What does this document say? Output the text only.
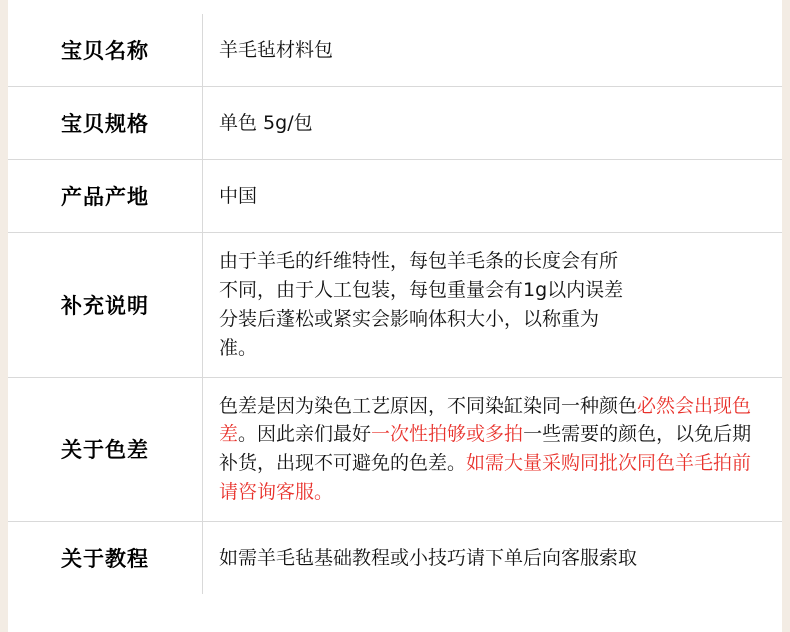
宝贝名称	羊毛毡材料包

宝贝规格	单色 5g/包

产品产地	中国

补充说明	由于羊毛的纤维特性，每包羊毛条的长度会有所
不同，由于人工包装，每包重量会有1g以内误差
分装后蓬松或紧实会影响体积大小，以称重为
准。

关于色差	色差是因为染色工艺原因，不同染缸染同一种颜色必然会出现色差。因此亲们最好一次性拍够或多拍一些需要的颜色，以免后期补货，出现不可避免的色差。如需大量采购同批次同色羊毛拍前请咨询客服。
关于教程	如需羊毛毡基础教程或小技巧请下单后向客服索取
